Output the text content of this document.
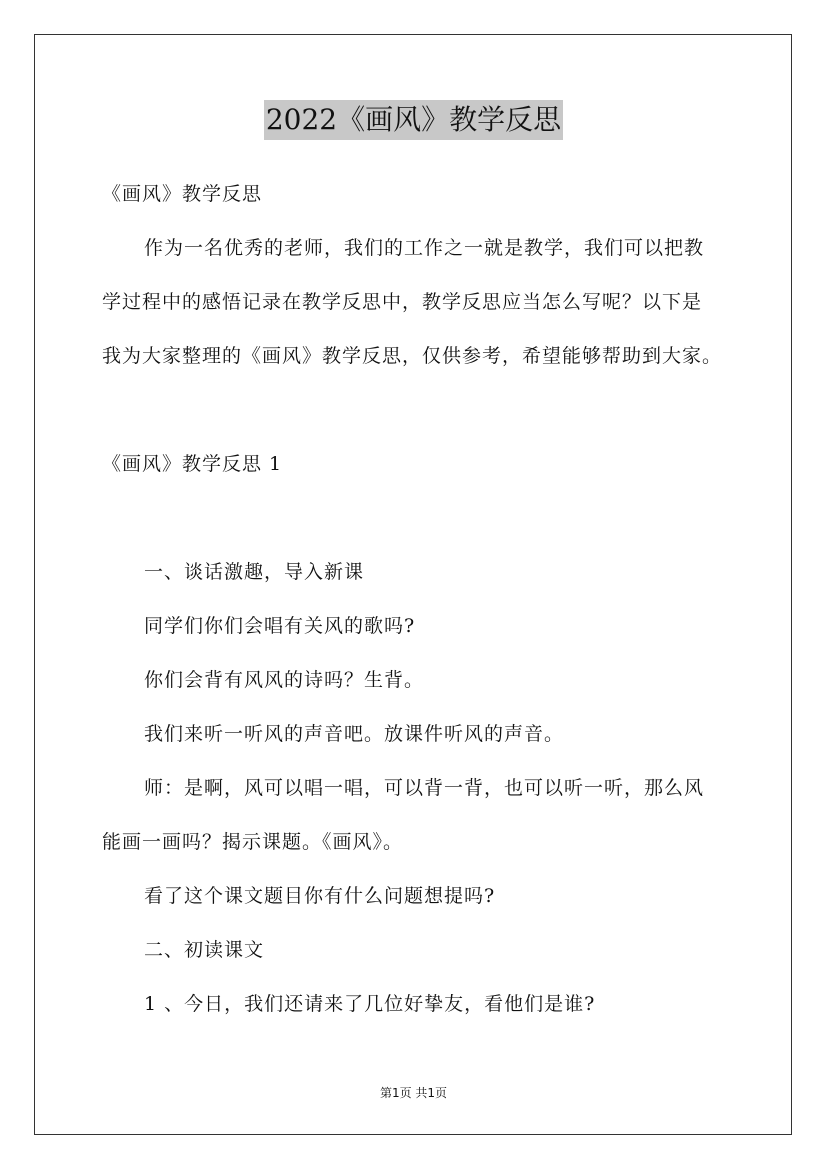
2022《画风》教学反思
《画风》教学反思
作为一名优秀的老师，我们的工作之一就是教学，我们可以把教
学过程中的感悟记录在教学反思中，教学反思应当怎么写呢？以下是
我为大家整理的《画风》教学反思，仅供参考，希望能够帮助到大家。
《画风》教学反思 1
一、谈话激趣，导入新课
同学们你们会唱有关风的歌吗?
你们会背有风风的诗吗？生背。
我们来听一听风的声音吧。放课件听风的声音。
师：是啊，风可以唱一唱，可以背一背，也可以听一听，那么风
能画一画吗？揭示课题。《画风》。
看了这个课文题目你有什么问题想提吗?
二、初读课文
1 、今日，我们还请来了几位好挚友，看他们是谁?
第1页 共1页
